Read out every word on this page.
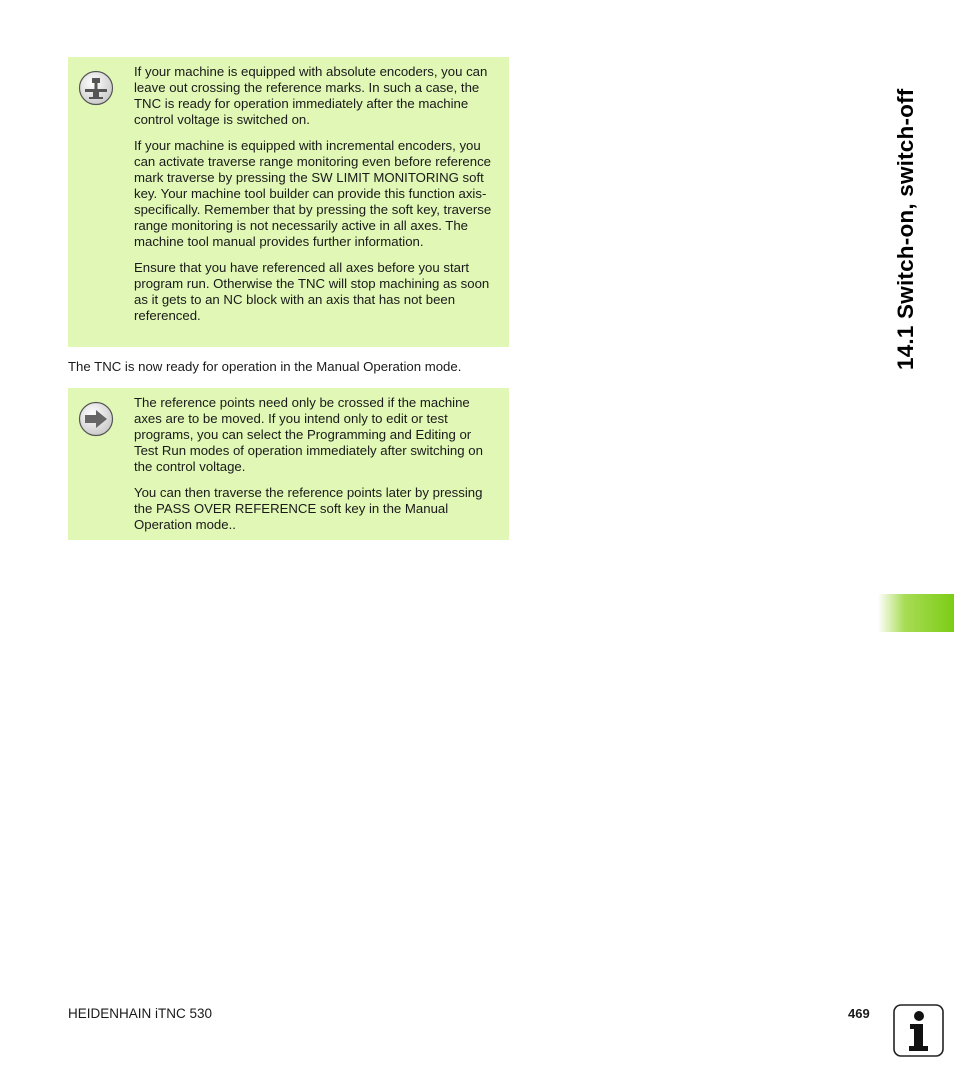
If your machine is equipped with absolute encoders, you can leave out crossing the reference marks. In such a case, the TNC is ready for operation immediately after the machine control voltage is switched on.

If your machine is equipped with incremental encoders, you can activate traverse range monitoring even before reference mark traverse by pressing the SW LIMIT MONITORING soft key. Your machine tool builder can provide this function axis-specifically. Remember that by pressing the soft key, traverse range monitoring is not necessarily active in all axes. The machine tool manual provides further information.

Ensure that you have referenced all axes before you start program run. Otherwise the TNC will stop machining as soon as it gets to an NC block with an axis that has not been referenced.

The TNC is now ready for operation in the Manual Operation mode.

The reference points need only be crossed if the machine axes are to be moved. If you intend only to edit or test programs, you can select the Programming and Editing or Test Run modes of operation immediately after switching on the control voltage.

You can then traverse the reference points later by pressing the PASS OVER REFERENCE soft key in the Manual Operation mode..

14.1 Switch-on, switch-off
HEIDENHAIN iTNC 530	469
